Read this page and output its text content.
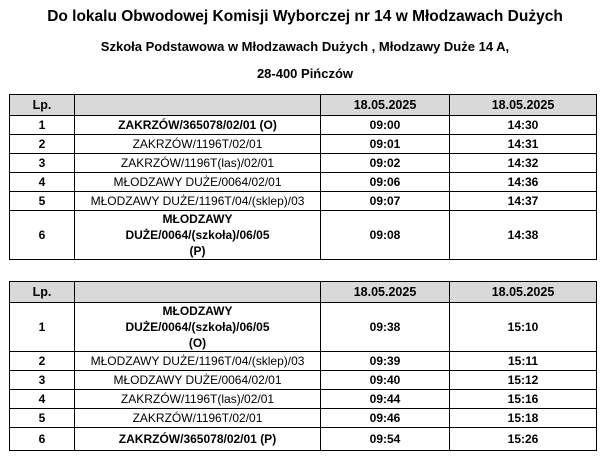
Do lokalu Obwodowej Komisji Wyborczej nr 14 w Młodzawach Dużych
Szkoła Podstawowa w Młodzawach Dużych , Młodzawy Duże 14 A,
28-400 Pińczów
Lp.		18.05.2025	18.05.2025
1	ZAKRZÓW/365078/02/01 (O)	09:00	14:30
2	ZAKRZÓW/1196T/02/01	09:01	14:31
3	ZAKRZÓW/1196T(las)/02/01	09:02	14:32
4	MŁODZAWY DUŻE/0064/02/01	09:06	14:36
5	MŁODZAWY DUŻE/1196T/04/(sklep)/03	09:07	14:37
6	MŁODZAWY DUŻE/0064/(szkoła)/06/05 (P)	09:08	14:38
Lp.		18.05.2025	18.05.2025
1	MŁODZAWY DUŻE/0064/(szkoła)/06/05 (O)	09:38	15:10
2	MŁODZAWY DUŻE/1196T/04/(sklep)/03	09:39	15:11
3	MŁODZAWY DUŻE/0064/02/01	09:40	15:12
4	ZAKRZÓW/1196T(las)/02/01	09:44	15:16
5	ZAKRZÓW/1196T/02/01	09:46	15:18
6	ZAKRZÓW/365078/02/01 (P)	09:54	15:26
